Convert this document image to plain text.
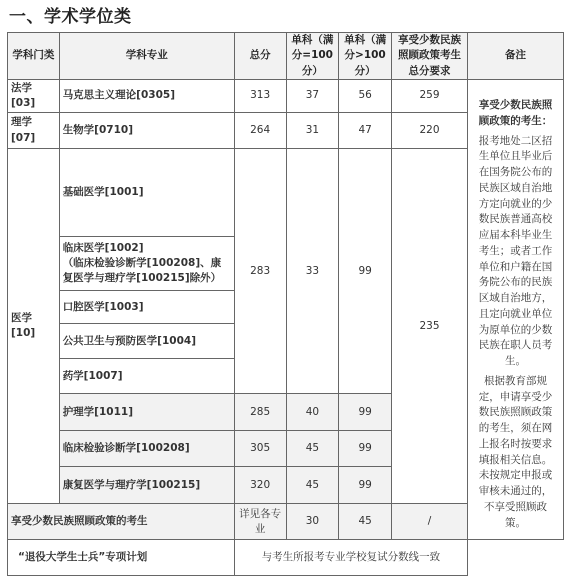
一、学术学位类
学科门类	学科专业	总分	单科（满分=100分）	单科（满分>100分）	享受少数民族照顾政策考生总分要求	备注
法学[03]	马克思主义理论[0305]	313	37	56	259	享受少数民族照顾政策的考生：
报考地处二区招生单位且毕业后在国务院公布的民族区域自治地方定向就业的少数民族普通高校应届本科毕业生考生；或者工作单位和户籍在国务院公布的民族区域自治地方，且定向就业单位为原单位的少数民族在职人员考生。
根据教育部规定，申请享受少数民族照顾政策的考生，须在网上报名时按要求填报相关信息。未按规定申报或审核未通过的，不享受照顾政策。

理学[07]	生物学[0710]	264	31	47	220	
医学[10]	基础医学[1001]	283	33	99	235	

	临床医学[1002]
（临床检验诊断学[100208]、康复医学与理疗学[100215]除外）					

	口腔医学[1003]					
	公共卫生与预防医学[1004]					
	药学[1007]					
	护理学[1011]	285	40	99		
	临床检验诊断学[100208]	305	45	99		
	康复医学与理疗学[100215]	320	45	99		
享受少数民族照顾政策的考生		详见各专业	30	45	/	
“退役大学生士兵”专项计划		与考生所报考专业学校复试分数线一致				
